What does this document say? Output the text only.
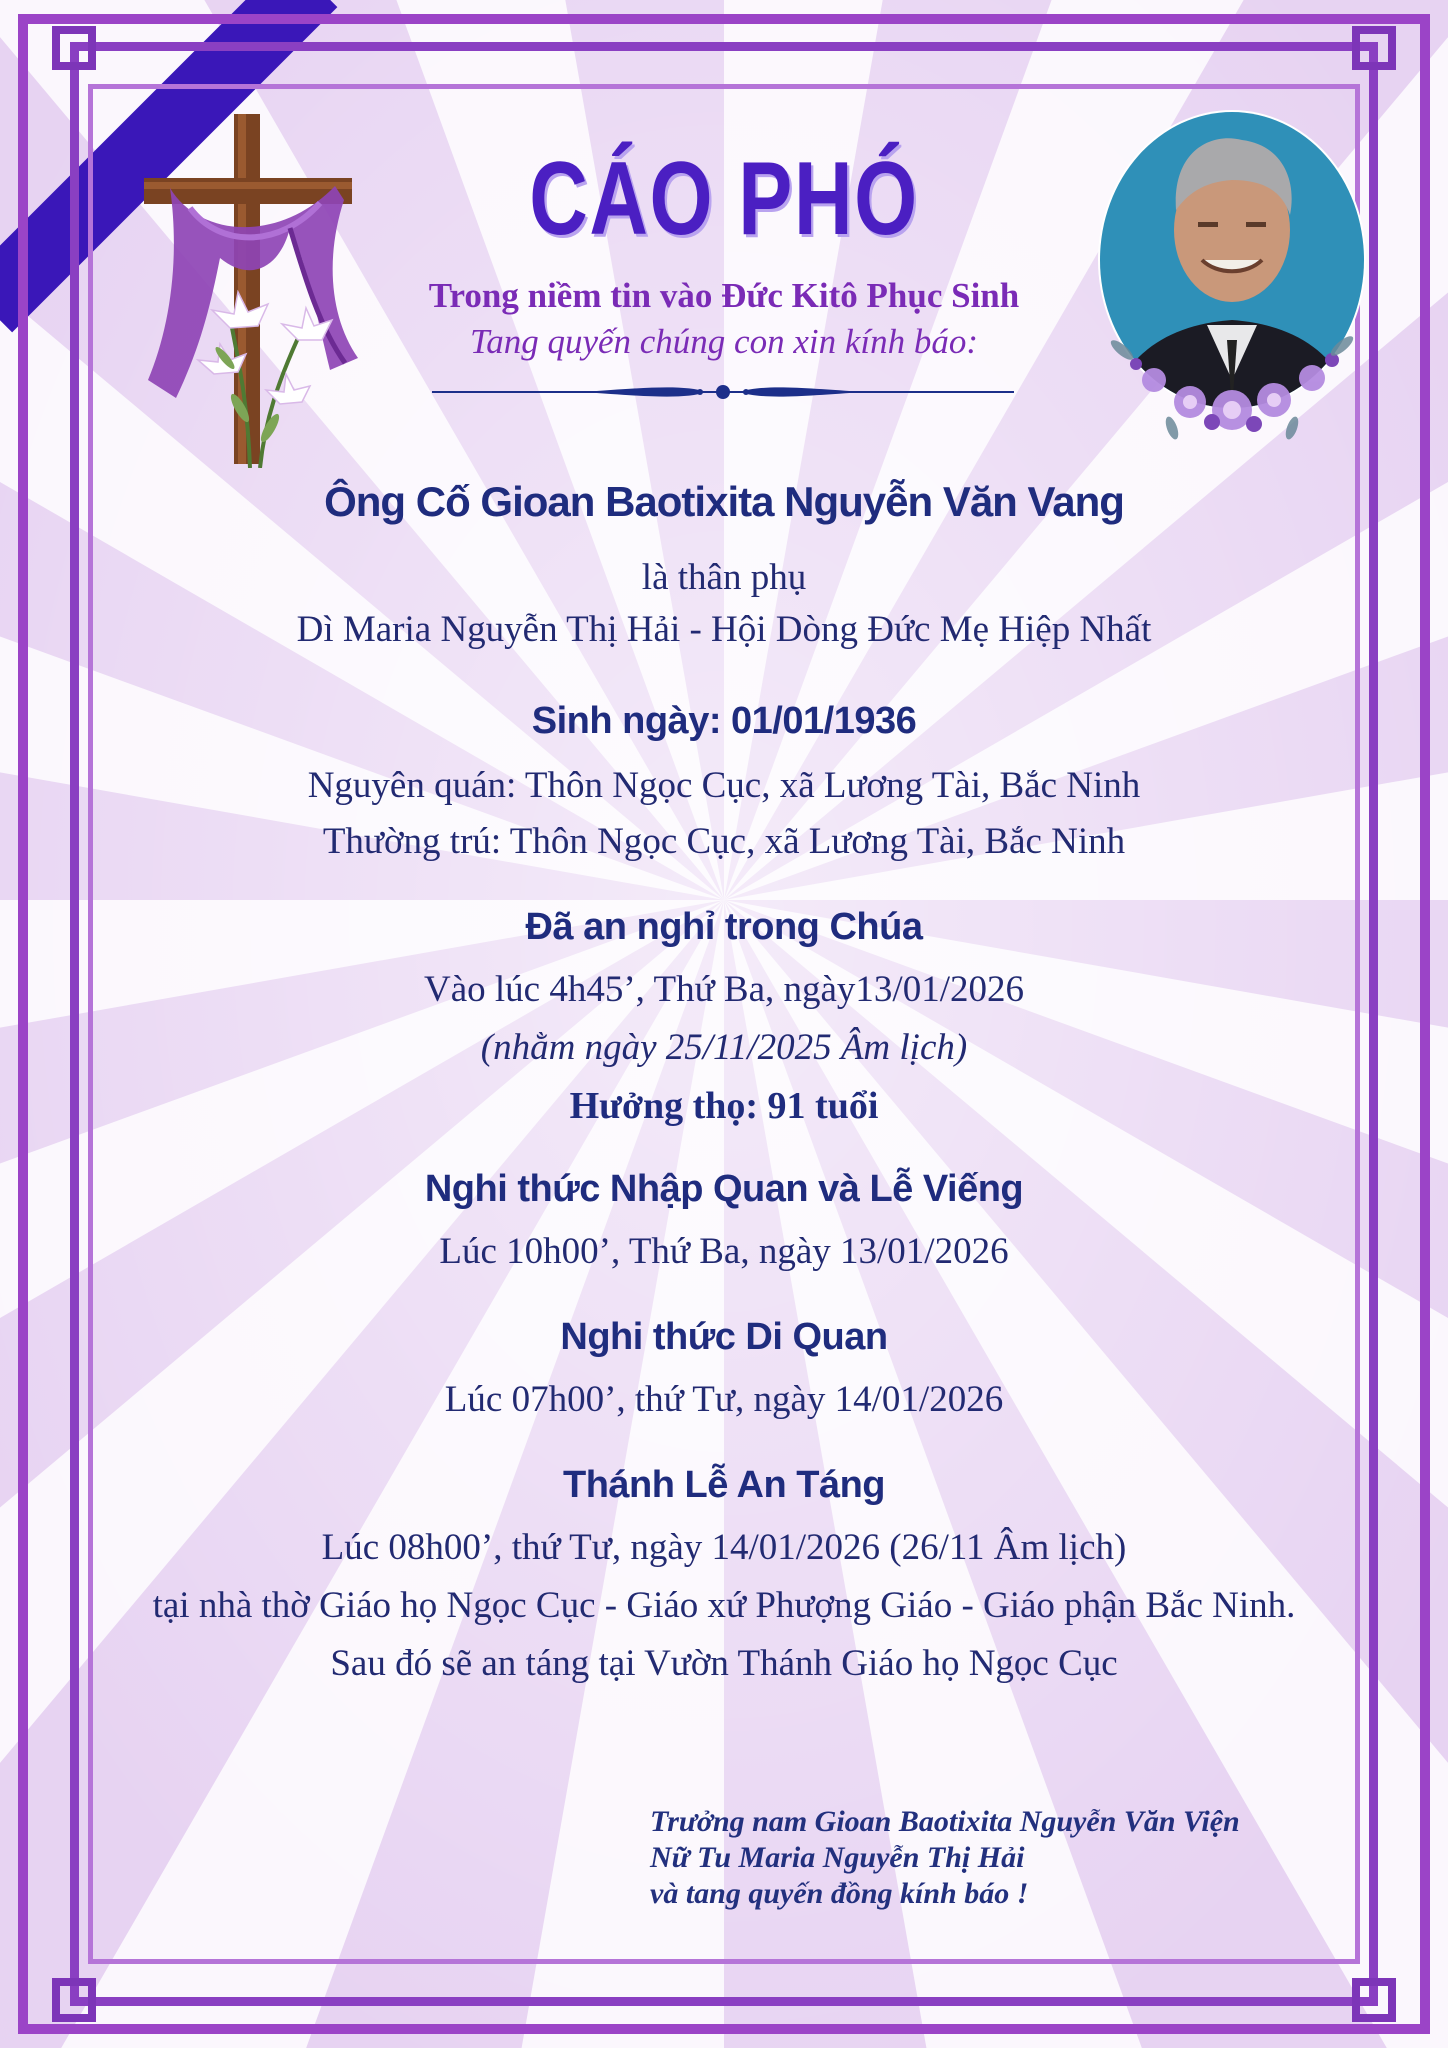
CÁO PHÓ
Trong niềm tin vào Đức Kitô Phục Sinh
Tang quyến chúng con xin kính báo:
Ông Cố Gioan Baotixita Nguyễn Văn Vang
là thân phụ
Dì Maria Nguyễn Thị Hải - Hội Dòng Đức Mẹ Hiệp Nhất
Sinh ngày: 01/01/1936
Nguyên quán: Thôn Ngọc Cục, xã Lương Tài, Bắc Ninh
Thường trú: Thôn Ngọc Cục, xã Lương Tài, Bắc Ninh
Đã an nghỉ trong Chúa
Vào lúc 4h45’, Thứ Ba, ngày13/01/2026
(nhằm ngày 25/11/2025 Âm lịch)
Hưởng thọ: 91 tuổi
Nghi thức Nhập Quan và Lễ Viếng
Lúc 10h00’, Thứ Ba, ngày 13/01/2026
Nghi thức Di Quan
Lúc 07h00’, thứ Tư, ngày 14/01/2026
Thánh Lễ An Táng
Lúc 08h00’, thứ Tư, ngày 14/01/2026 (26/11 Âm lịch)
tại nhà thờ Giáo họ Ngọc Cục - Giáo xứ Phượng Giáo - Giáo phận Bắc Ninh.
Sau đó sẽ an táng tại Vườn Thánh Giáo họ Ngọc Cục
Trưởng nam Gioan Baotixita Nguyễn Văn Viện
Nữ Tu Maria Nguyễn Thị Hải
và tang quyến đồng kính báo !
